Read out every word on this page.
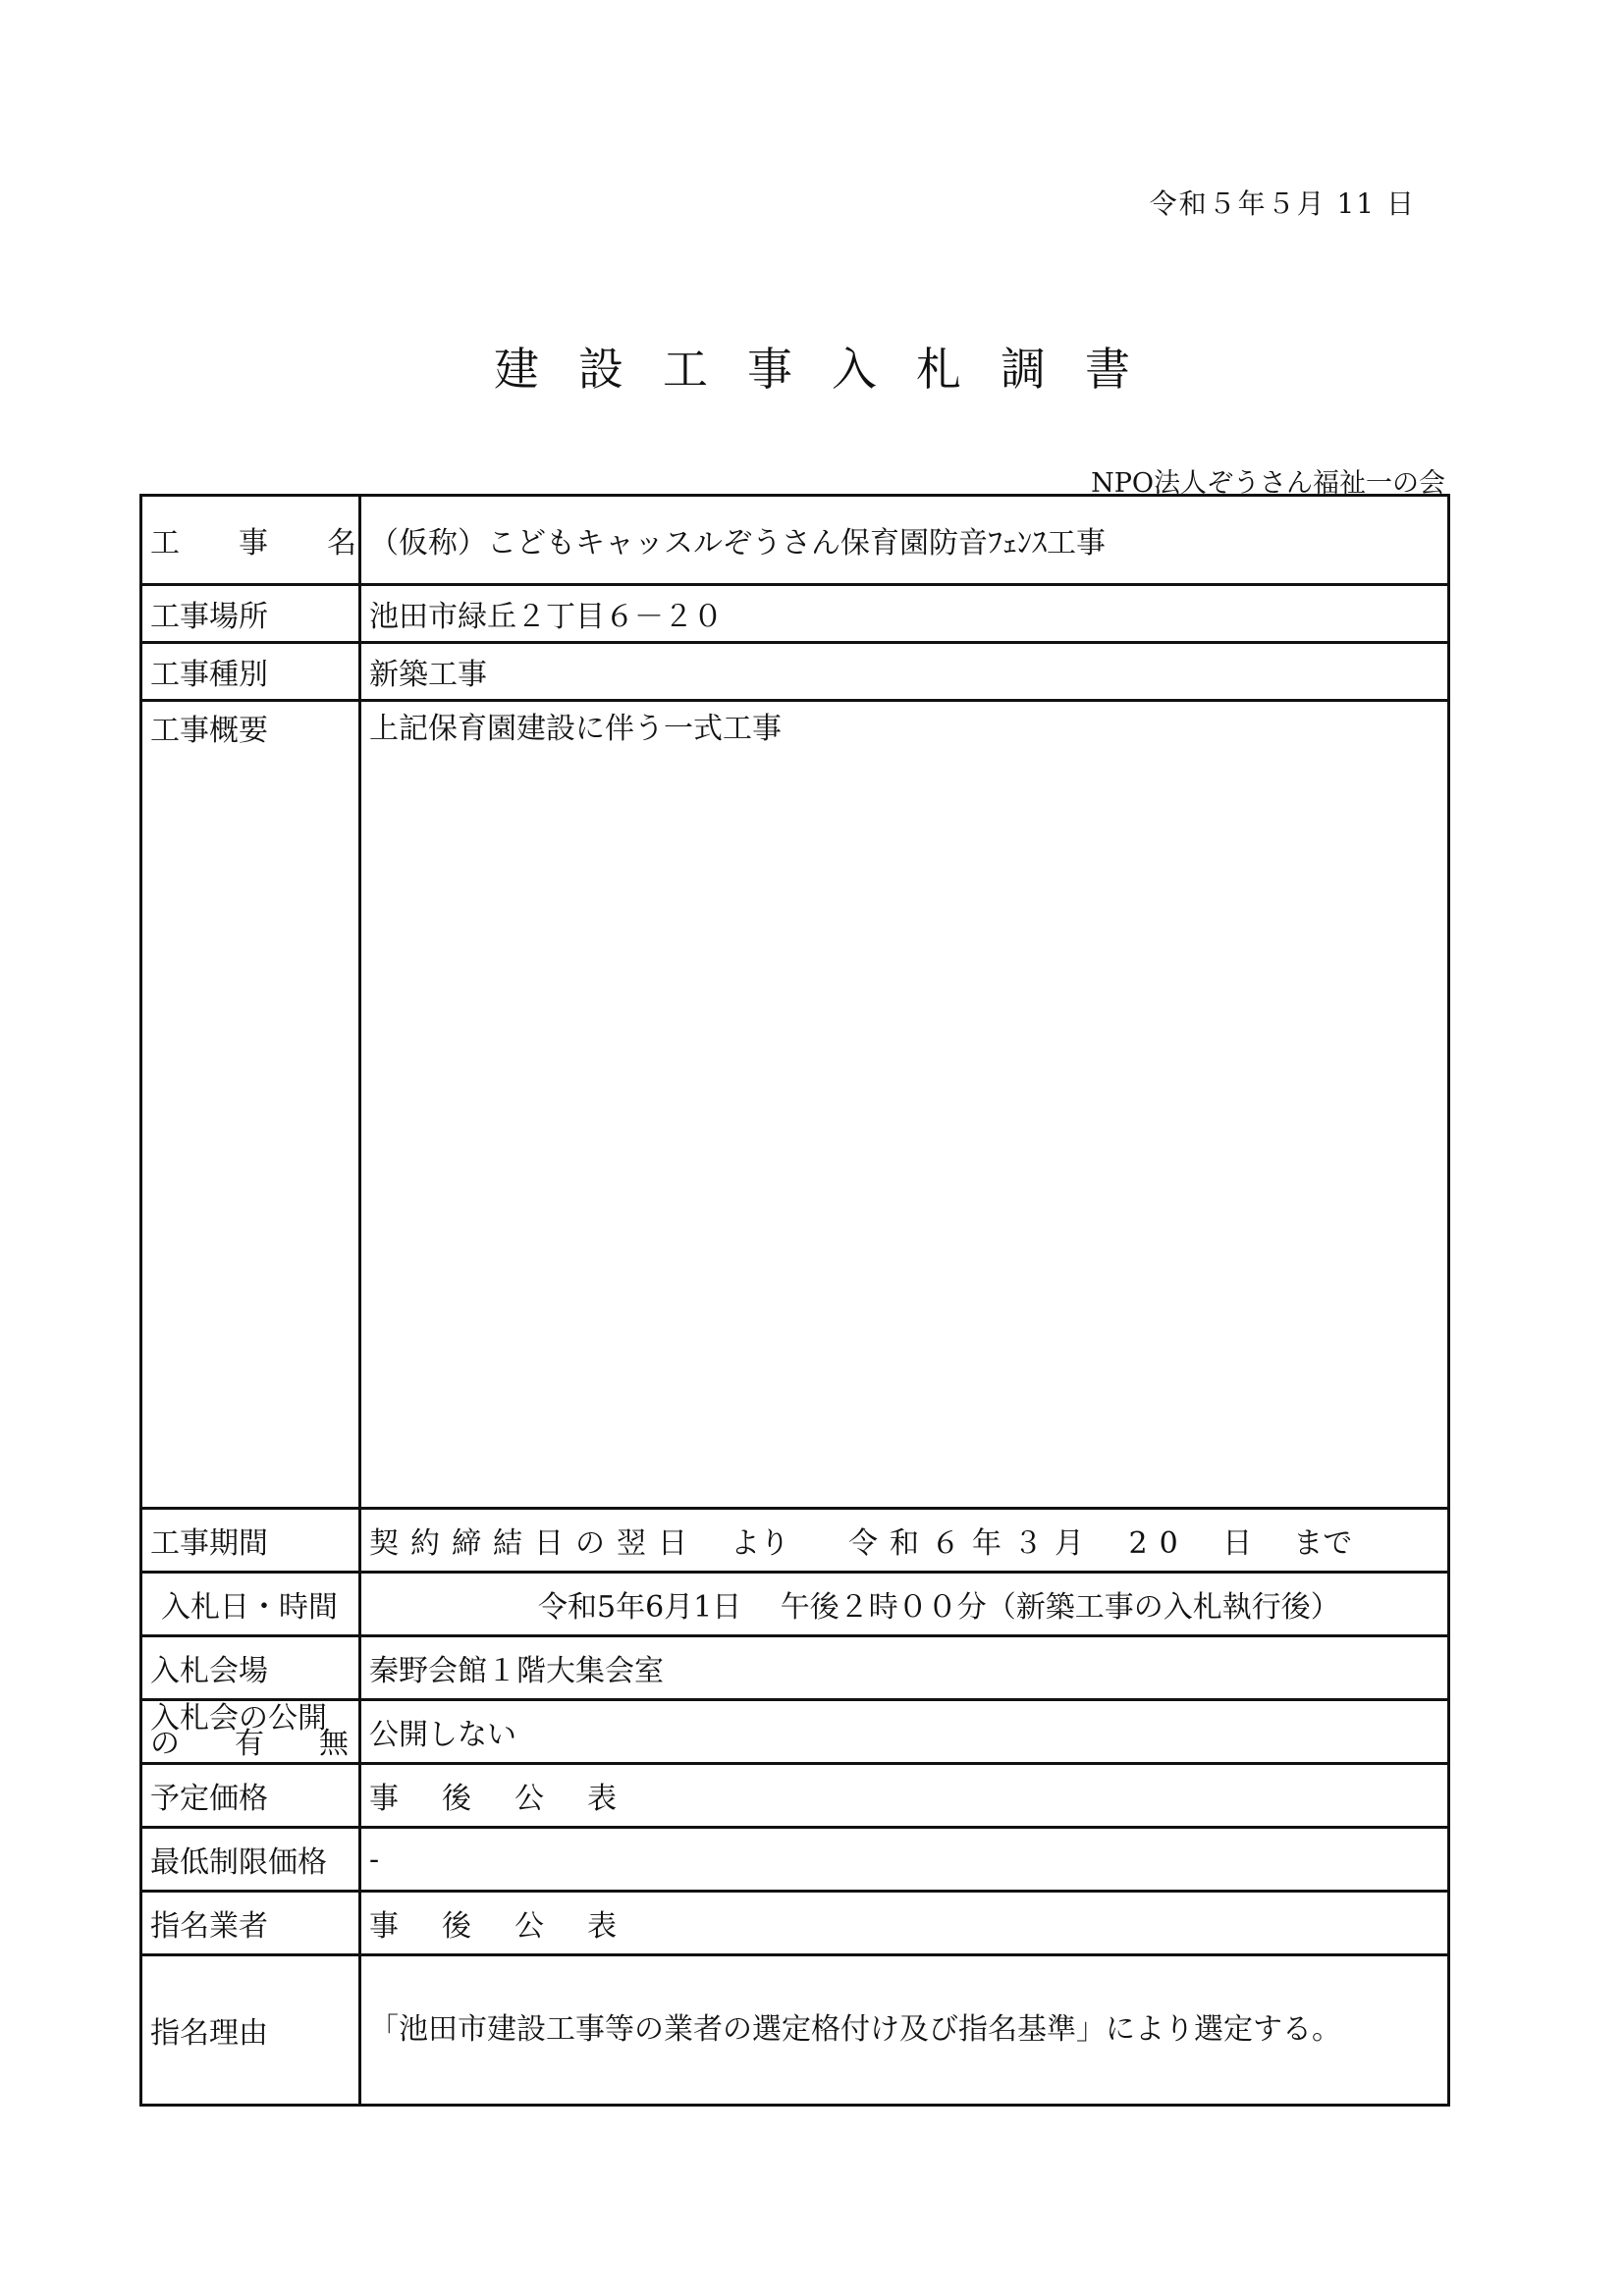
令和５年５月 11 日
建設工事入札調書
NPO法人ぞうさん福祉一の会
工　　事　　名	（仮称）こどもキャッスルぞうさん保育園防音ﾌｪﾝｽ工事
工事場所	池田市緑丘２丁目６－２０
工事種別	新築工事
工事概要	上記保育園建設に伴う一式工事
工事期間	契約締結日の翌日 より 令和６年３月 20 日 まで

入札日・時間	令和5年6月1日　 午後２時００分（新築工事の入札執行後）
入札会場	秦野会館１階大集会室

入札会の公開
の 有 無	公開しない
予定価格	事後公表
最低制限価格	-
指名業者	事後公表
指名理由	「池田市建設工事等の業者の選定格付け及び指名基準」により選定する。
